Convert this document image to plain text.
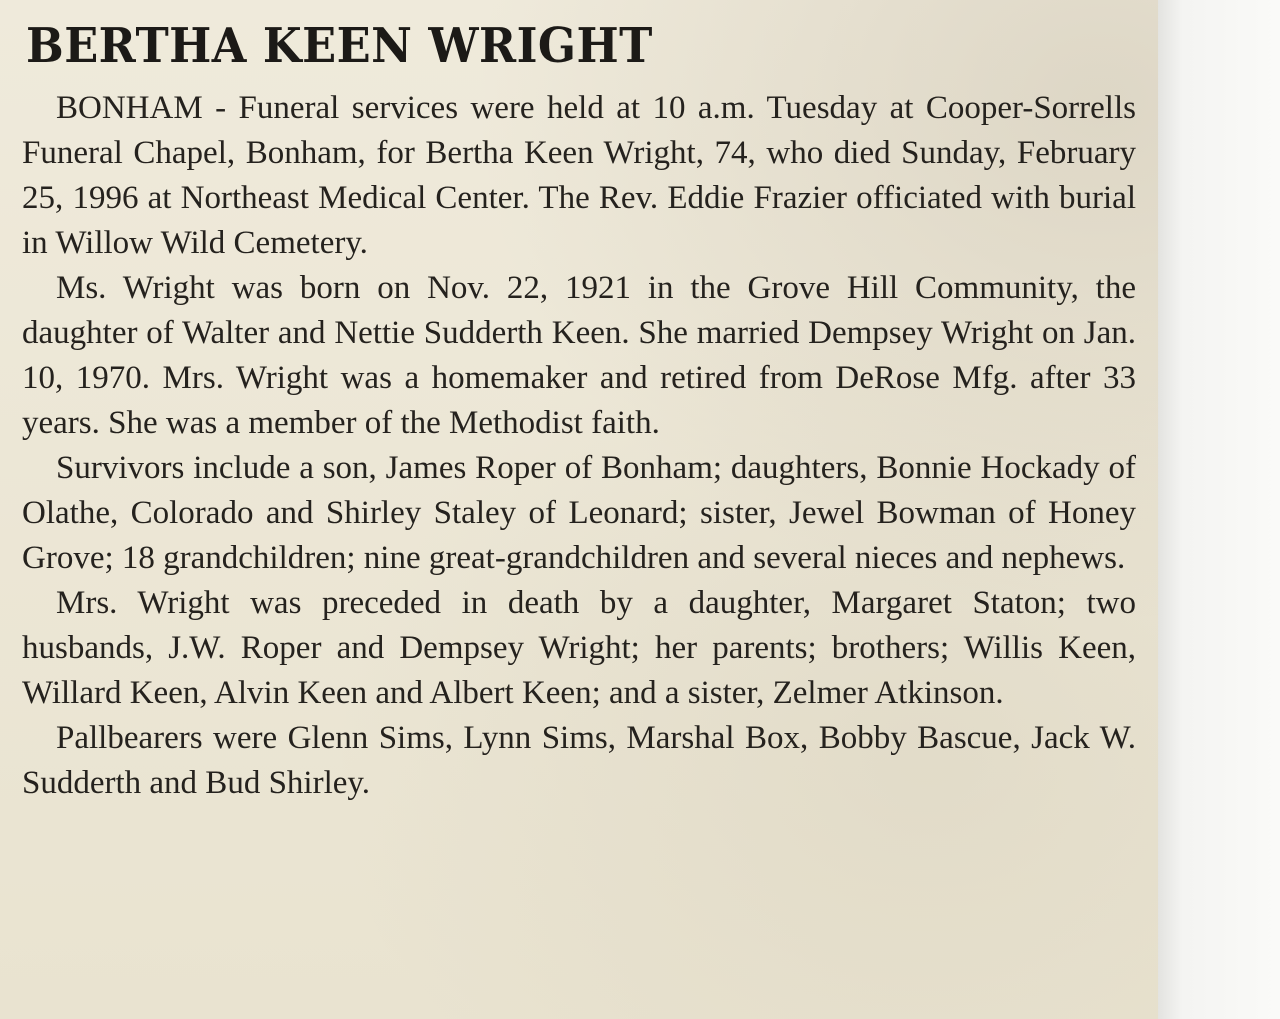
BERTHA KEEN WRIGHT

BONHAM - Funeral services were held at 10 a.m. Tuesday at Cooper-Sorrells Funeral Chapel, Bonham, for Bertha Keen Wright, 74, who died Sunday, February 25, 1996 at Northeast Medical Center. The Rev. Eddie Frazier officiated with burial in Willow Wild Cemetery.

Ms. Wright was born on Nov. 22, 1921 in the Grove Hill Community, the daughter of Walter and Nettie Sudderth Keen. She married Dempsey Wright on Jan. 10, 1970. Mrs. Wright was a homemaker and retired from DeRose Mfg. after 33 years. She was a member of the Methodist faith.

Survivors include a son, James Roper of Bonham; daughters, Bonnie Hockady of Olathe, Colorado and Shirley Staley of Leonard; sister, Jewel Bowman of Honey Grove; 18 grandchildren; nine great-grandchildren and several nieces and nephews.

Mrs. Wright was preceded in death by a daughter, Margaret Staton; two husbands, J.W. Roper and Dempsey Wright; her parents; brothers; Willis Keen, Willard Keen, Alvin Keen and Albert Keen; and a sister, Zelmer Atkinson.

Pallbearers were Glenn Sims, Lynn Sims, Marshal Box, Bobby Bascue, Jack W. Sudderth and Bud Shirley.
